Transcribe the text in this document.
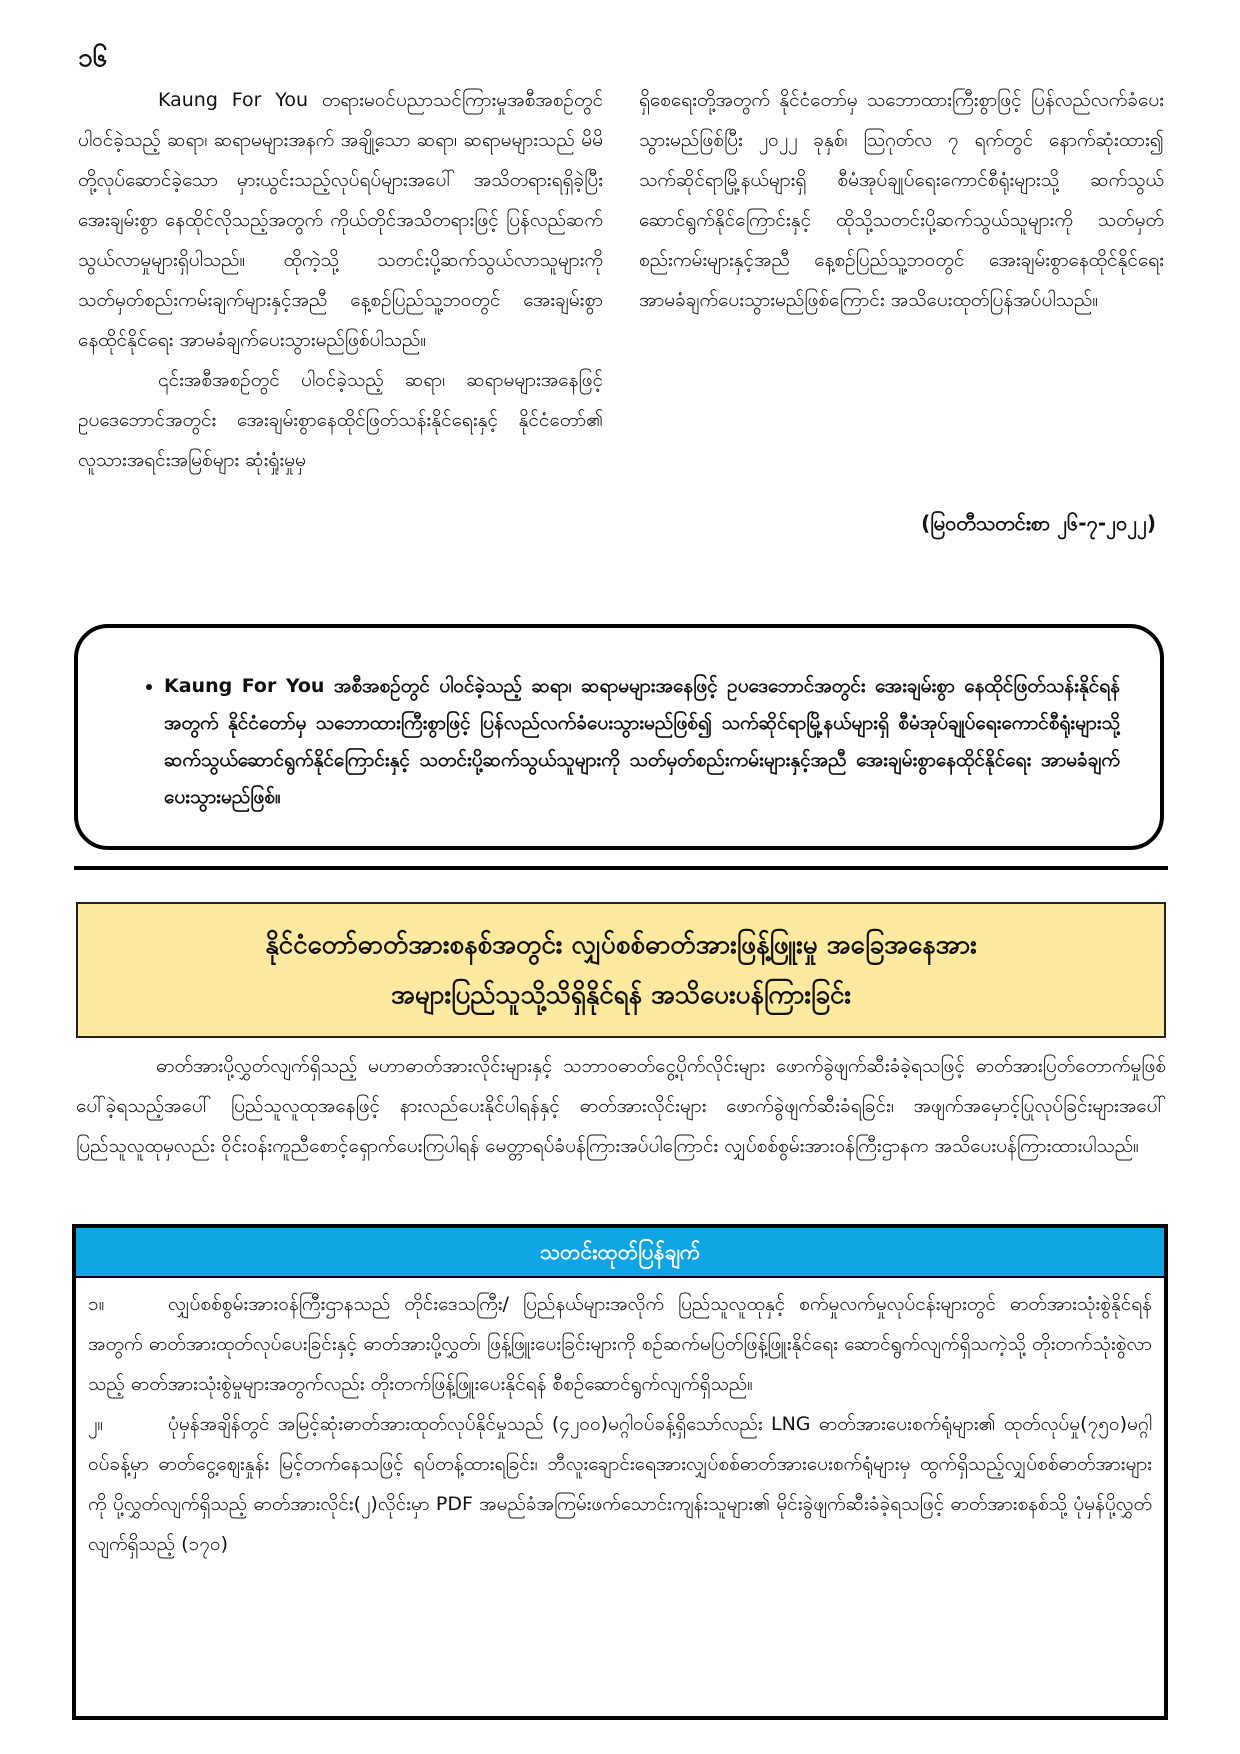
၁၆

Kaung For You တရားမဝင်ပညာသင်ကြားမှုအစီအစဉ်တွင် ပါဝင်ခဲ့သည့် ဆရာ၊ ဆရာမများအနက် အချို့သော ဆရာ၊ ဆရာမများသည် မိမိတို့လုပ်ဆောင်ခဲ့သော မှားယွင်းသည့်လုပ်ရပ်များအပေါ် အသိတရားရရှိခဲ့ပြီး အေးချမ်းစွာ နေထိုင်လိုသည့်အတွက် ကိုယ်တိုင်အသိတရားဖြင့် ပြန်လည်ဆက်သွယ်လာမှုများရှိပါသည်။ ထိုကဲ့သို့ သတင်းပို့ဆက်သွယ်လာသူများကို သတ်မှတ်စည်းကမ်းချက်များနှင့်အညီ နေ့စဉ်ပြည်သူ့ဘဝတွင် အေးချမ်းစွာနေထိုင်နိုင်ရေး အာမခံချက်ပေးသွားမည်ဖြစ်ပါသည်။

၎င်းအစီအစဉ်တွင် ပါဝင်ခဲ့သည့် ဆရာ၊ ဆရာမများအနေဖြင့် ဥပဒေဘောင်အတွင်း အေးချမ်းစွာနေထိုင်ဖြတ်သန်းနိုင်ရေးနှင့် နိုင်ငံတော်၏ လူသားအရင်းအမြစ်များ ဆုံးရှုံးမှုမှ

ရှိစေရေးတို့အတွက် နိုင်ငံတော်မှ သဘောထားကြီးစွာဖြင့် ပြန်လည်လက်ခံပေးသွားမည်ဖြစ်ပြီး ၂၀၂၂ ခုနှစ်၊ ဩဂုတ်လ ၇ ရက်တွင် နောက်ဆုံးထား၍ သက်ဆိုင်ရာမြို့နယ်များရှိ စီမံအုပ်ချုပ်ရေးကောင်စီရုံးများသို့ ဆက်သွယ်ဆောင်ရွက်နိုင်ကြောင်းနှင့် ထိုသို့သတင်းပို့ဆက်သွယ်သူများကို သတ်မှတ်စည်းကမ်းများနှင့်အညီ နေ့စဉ်ပြည်သူ့ဘဝတွင် အေးချမ်းစွာနေထိုင်နိုင်ရေး အာမခံချက်ပေးသွားမည်ဖြစ်ကြောင်း အသိပေးထုတ်ပြန်အပ်ပါသည်။

(မြဝတီသတင်းစာ ၂၆-၇-၂၀၂၂)
• Kaung For You အစီအစဉ်တွင် ပါဝင်ခဲ့သည့် ဆရာ၊ ဆရာမများအနေဖြင့် ဥပဒေဘောင်အတွင်း အေးချမ်းစွာ နေထိုင်ဖြတ်သန်းနိုင်ရန်အတွက် နိုင်ငံတော်မှ သဘောထားကြီးစွာဖြင့် ပြန်လည်လက်ခံပေးသွားမည်ဖြစ်၍ သက်ဆိုင်ရာမြို့နယ်များရှိ စီမံအုပ်ချုပ်ရေးကောင်စီရုံးများသို့ ဆက်သွယ်ဆောင်ရွက်နိုင်ကြောင်းနှင့် သတင်းပို့ဆက်သွယ်သူများကို သတ်မှတ်စည်းကမ်းများနှင့်အညီ အေးချမ်းစွာနေထိုင်နိုင်ရေး အာမခံချက်ပေးသွားမည်ဖြစ်။
နိုင်ငံတော်ဓာတ်အားစနစ်အတွင်း လျှပ်စစ်ဓာတ်အားဖြန့်ဖြူးမှု အခြေအနေအား
အများပြည်သူသို့သိရှိနိုင်ရန် အသိပေးပန်ကြားခြင်း

ဓာတ်အားပို့လွှတ်လျက်ရှိသည့် မဟာဓာတ်အားလိုင်းများနှင့် သဘာဝဓာတ်ငွေ့ပိုက်လိုင်းများ ဖောက်ခွဲဖျက်ဆီးခံခဲ့ရသဖြင့် ဓာတ်အားပြတ်တောက်မှုဖြစ်ပေါ်ခဲ့ရသည့်အပေါ် ပြည်သူလူထုအနေဖြင့် နားလည်ပေးနိုင်ပါရန်နှင့် ဓာတ်အားလိုင်းများ ဖောက်ခွဲဖျက်ဆီးခံရခြင်း၊ အဖျက်အမှောင့်ပြုလုပ်ခြင်းများအပေါ် ပြည်သူလူထုမှလည်း ဝိုင်းဝန်းကူညီစောင့်ရှောက်ပေးကြပါရန် မေတ္တာရပ်ခံပန်ကြားအပ်ပါကြောင်း လျှပ်စစ်စွမ်းအားဝန်ကြီးဌာနက အသိပေးပန်ကြားထားပါသည်။

သတင်းထုတ်ပြန်ချက်

၁။	လျှပ်စစ်စွမ်းအားဝန်ကြီးဌာနသည် တိုင်းဒေသကြီး/ ပြည်နယ်များအလိုက် ပြည်သူလူထုနှင့် စက်မှုလက်မှုလုပ်ငန်းများတွင် ဓာတ်အားသုံးစွဲနိုင်ရန်အတွက် ဓာတ်အားထုတ်လုပ်ပေးခြင်းနှင့် ဓာတ်အားပို့လွှတ်၊ ဖြန့်ဖြူးပေးခြင်းများကို စဉ်ဆက်မပြတ်ဖြန့်ဖြူးနိုင်ရေး ဆောင်ရွက်လျက်ရှိသကဲ့သို့ တိုးတက်သုံးစွဲလာသည့် ဓာတ်အားသုံးစွဲမှုများအတွက်လည်း တိုးတက်ဖြန့်ဖြူးပေးနိုင်ရန် စီစဉ်ဆောင်ရွက်လျက်ရှိသည်။

၂။	ပုံမှန်အချိန်တွင် အမြင့်ဆုံးဓာတ်အားထုတ်လုပ်နိုင်မှုသည် (၄၂၀၀)မဂ္ဂါဝပ်ခန့်ရှိသော်လည်း LNG ဓာတ်အားပေးစက်ရုံများ၏ ထုတ်လုပ်မှု(၇၅၀)မဂ္ဂါဝပ်ခန့်မှာ ဓာတ်ငွေ့ဈေးနှုန်း မြင့်တက်နေသဖြင့် ရပ်တန့်ထားရခြင်း၊ ဘီလူးချောင်းရေအားလျှပ်စစ်ဓာတ်အားပေးစက်ရုံများမှ ထွက်ရှိသည့်လျှပ်စစ်ဓာတ်အားများကို ပို့လွှတ်လျက်ရှိသည့် ဓာတ်အားလိုင်း(၂)လိုင်းမှာ PDF အမည်ခံအကြမ်းဖက်သောင်းကျန်းသူများ၏ မိုင်းခွဲဖျက်ဆီးခံခဲ့ရသဖြင့် ဓာတ်အားစနစ်သို့ ပုံမှန်ပို့လွှတ်လျက်ရှိသည့် (၁၇၀)
